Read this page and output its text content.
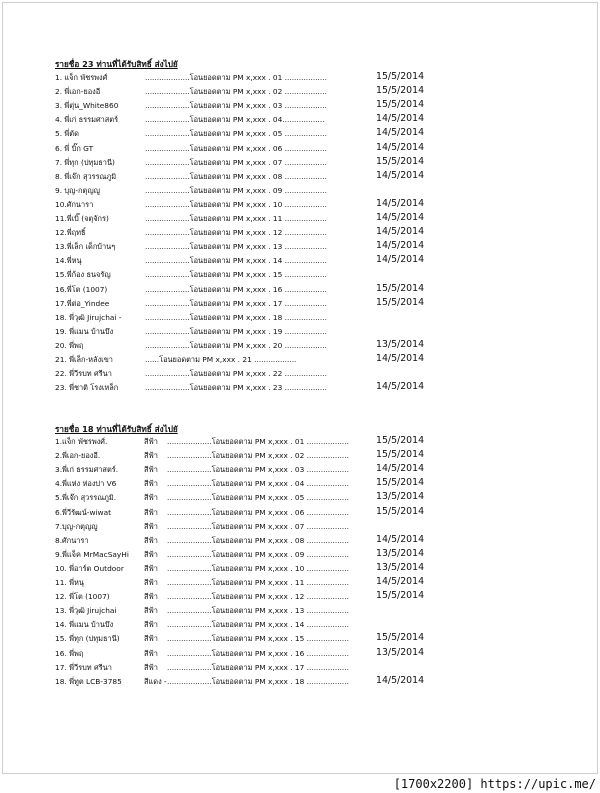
รายชื่อ 23 ท่านที่ได้รับสิทธิ์ ส่งไปยั
1. แจ็ก พัชรพงศ์	...................โอนยอดตาม PM x,xxx . 01 ..................	15/5/2014
2. พี่เอก-ยองอี	...................โอนยอดตาม PM x,xxx . 02 ..................	15/5/2014
3. พี่ตุ่น_White860	...................โอนยอดตาม PM x,xxx . 03 ..................	15/5/2014
4. พี่เก่ ธรรมศาสตร์	...................โอนยอดตาม PM x,xxx . 04..................	14/5/2014
5. พี่ตัด	...................โอนยอดตาม PM x,xxx . 05 ..................	14/5/2014
6. พี่ บิ๊ก GT	...................โอนยอดตาม PM x,xxx . 06 ..................	14/5/2014
7. พี่ทุก (ปทุมธานี)	...................โอนยอดตาม PM x,xxx . 07 ..................	15/5/2014
8. พี่เจ๊ก สุวรรณภูมิ	...................โอนยอดตาม PM x,xxx . 08 ..................	14/5/2014
9. บุญ-กตุญญู	...................โอนยอดตาม PM x,xxx . 09 ..................
10.ศักนารา	...................โอนยอดตาม PM x,xxx . 10 ..................	14/5/2014
11.พี่เบิ๊ (จตุจักร)	...................โอนยอดตาม PM x,xxx . 11 ..................	14/5/2014
12.พี่ฤทธิ์	...................โอนยอดตาม PM x,xxx . 12 ..................	14/5/2014
13.พี่เล็ก เด็กบ้านๆ	...................โอนยอดตาม PM x,xxx . 13 ..................	14/5/2014
14.พี่หนุ	...................โอนยอดตาม PM x,xxx . 14 ..................	14/5/2014
15.พี่ก้อง ธนจรัญ	...................โอนยอดตาม PM x,xxx . 15 ..................
16.พี่โต (1007)	...................โอนยอดตาม PM x,xxx . 16 ..................	15/5/2014
17.พี่ต่อ_Yindee	...................โอนยอดตาม PM x,xxx . 17 ..................	15/5/2014
18. พี่วุฒิ Jirujchai -	...................โอนยอดตาม PM x,xxx . 18 ..................
19. พี่แมน บ้านบึง	...................โอนยอดตาม PM x,xxx . 19 ..................
20. พี่พฤ	...................โอนยอดตาม PM x,xxx . 20 ..................	13/5/2014
21. พี่เล็ก-หลังเขา	......โอนยอดตาม PM x,xxx . 21 ..................	14/5/2014
22. พี่วีรบท ศรีนา	...................โอนยอดตาม PM x,xxx . 22 ..................
23. พี่ชาติ โรงเหล็ก	...................โอนยอดตาม PM x,xxx . 23 ..................	14/5/2014
รายชื่อ 18 ท่านที่ได้รับสิทธิ์ ส่งไปยั
1.แจ็ก พัชรพงศ์.	สีฟ้า ...................โอนยอดตาม PM x,xxx . 01 ..................	15/5/2014
2.พี่เอก-ยองอี.	สีฟ้า ...................โอนยอดตาม PM x,xxx . 02 ..................	15/5/2014
3.พี่เก่ ธรรมศาสตร์.	สีฟ้า ...................โอนยอดตาม PM x,xxx . 03 ..................	14/5/2014
4.พี่แห่ง ห่องบ่า V6	สีฟ้า ...................โอนยอดตาม PM x,xxx . 04 ..................	15/5/2014
5.พี่เจ๊ก สุวรรณภูมิ.	สีฟ้า ...................โอนยอดตาม PM x,xxx . 05 ..................	13/5/2014
6.พี่วีรัฒน์-wiwat	สีฟ้า ...................โอนยอดตาม PM x,xxx . 06 ..................	15/5/2014
7.บุญ-กตุญญู	สีฟ้า ...................โอนยอดตาม PM x,xxx . 07 ..................
8.ศักนารา	สีฟ้า ...................โอนยอดตาม PM x,xxx . 08 ..................	14/5/2014
9.พี่แจ็ค MrMacSayHi สีฟ้า ...................โอนยอดตาม PM x,xxx . 09 ..................	13/5/2014
10. พี่อาร์ต Outdoor	สีฟ้า ...................โอนยอดตาม PM x,xxx . 10 ..................	13/5/2014
11. พี่หนุ	สีฟ้า ...................โอนยอดตาม PM x,xxx . 11 ..................	14/5/2014
12. พี่โต (1007)	สีฟ้า ...................โอนยอดตาม PM x,xxx . 12 ..................	15/5/2014
13. พี่วุฒิ Jirujchai	สีฟ้า ...................โอนยอดตาม PM x,xxx . 13 ..................
14. พี่แมน บ้านบึง	สีฟ้า ...................โอนยอดตาม PM x,xxx . 14 ..................
15. พี่ทุก (ปทุมธานี)	สีฟ้า ...................โอนยอดตาม PM x,xxx . 15 ..................	15/5/2014
16. พี่พฤ	สีฟ้า ...................โอนยอดตาม PM x,xxx . 16 ..................	13/5/2014
17. พี่วีรบท ศรีนา	สีฟ้า ...................โอนยอดตาม PM x,xxx . 17 ..................
18. พี่ทูต LCB-3785	สีแดง - ...................โอนยอดตาม PM x,xxx . 18 ..................	14/5/2014
[1700x2200] https://upic.me/
